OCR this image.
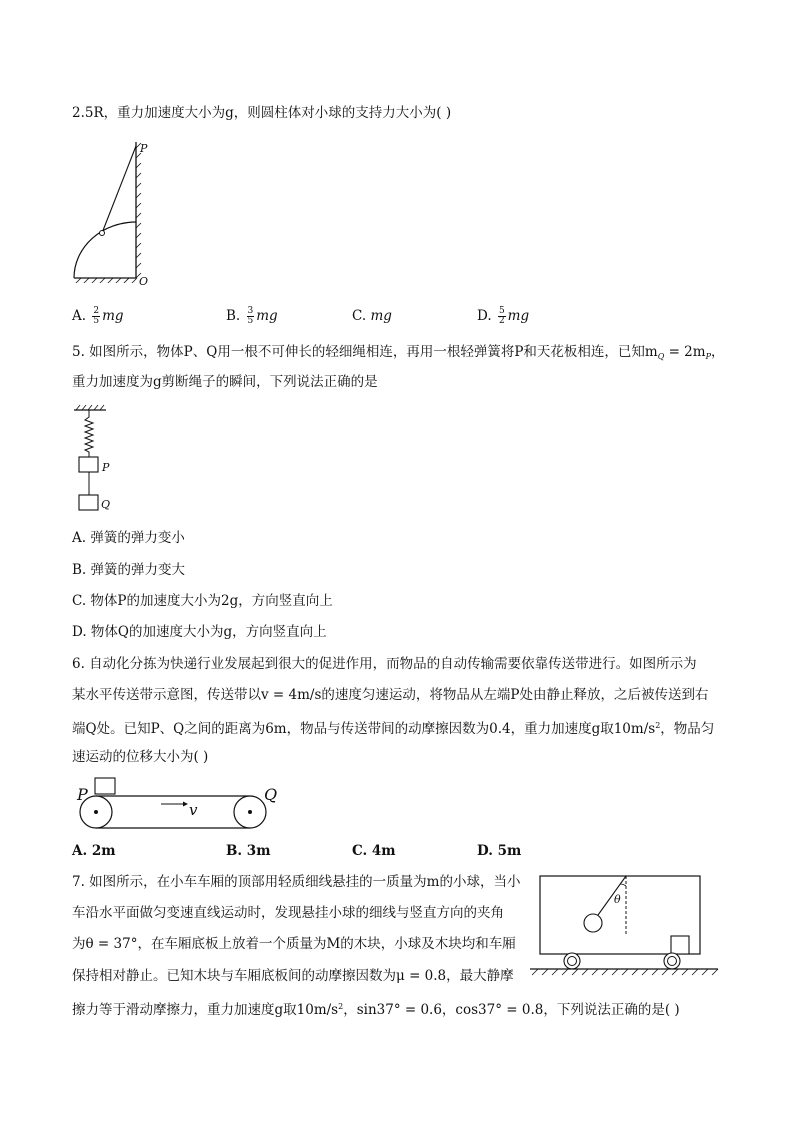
2.5R，重力加速度大小为g，则圆柱体对小球的支持力大小为( )
P
O
A. $\frac{2}{5}$ mg	B. $\frac{3}{5}$ mg	C. mg	D. $\frac{5}{2}$ mg
5. 如图所示，物体P、Q用一根不可伸长的轻细绳相连，再用一根轻弹簧将P和天花板相连，已知$m_Q = 2m_P$，
重力加速度为g剪断绳子的瞬间，下列说法正确的是
P
Q
A. 弹簧的弹力变小
B. 弹簧的弹力变大
C. 物体P的加速度大小为2g，方向竖直向上
D. 物体Q的加速度大小为g，方向竖直向上
6. 自动化分拣为快递行业发展起到很大的促进作用，而物品的自动传输需要依靠传送带进行。如图所示为
某水平传送带示意图，传送带以v = 4m/s的速度匀速运动，将物品从左端P处由静止释放，之后被传送到右
端Q处。已知P、Q之间的距离为6m，物品与传送带间的动摩擦因数为0.4，重力加速度g取$10m/s^2$，物品匀
速运动的位移大小为( )
P	Q
v
A. 2m	B. 3m	C. 4m	D. 5m
7. 如图所示，在小车车厢的顶部用轻质细线悬挂的一质量为m的小球，当小
车沿水平面做匀变速直线运动时，发现悬挂小球的细线与竖直方向的夹角
为θ = 37°，在车厢底板上放着一个质量为M的木块，小球及木块均和车厢
保持相对静止。已知木块与车厢底板间的动摩擦因数为μ = 0.8，最大静摩
擦力等于滑动摩擦力，重力加速度g取$10m/s^2$，sin37° = 0.6，cos37° = 0.8，下列说法正确的是( )
θ
